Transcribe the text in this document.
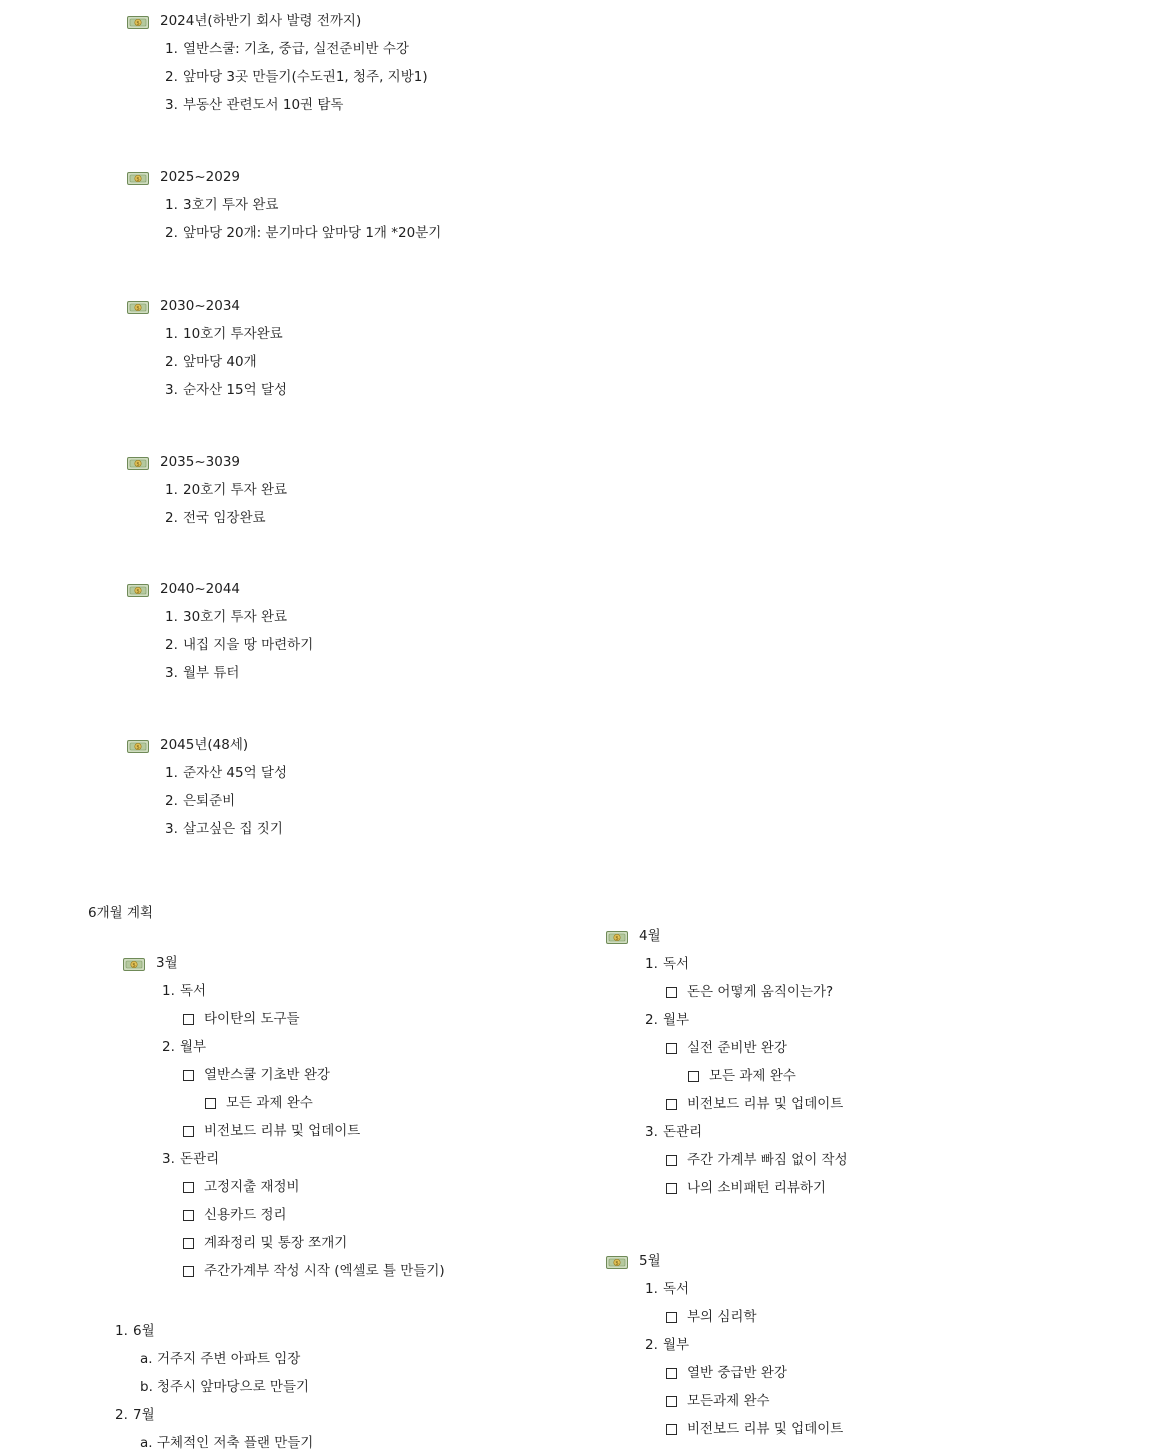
$ 2024년(하반기 회사 발령 전까지)
1. 열반스쿨: 기초, 중급, 실전준비반 수강
2. 앞마당 3곳 만들기(수도권1, 청주, 지방1)
3. 부동산 관련도서 10권 탐독
$ 2025~2029
1. 3호기 투자 완료
2. 앞마당 20개: 분기마다 앞마당 1개 *20분기
$ 2030~2034
1. 10호기 투자완료
2. 앞마당 40개
3. 순자산 15억 달성
$ 2035~3039
1. 20호기 투자 완료
2. 전국 임장완료
$ 2040~2044
1. 30호기 투자 완료
2. 내집 지을 땅 마련하기
3. 월부 튜터
$ 2045년(48세)
1. 준자산 45억 달성
2. 은퇴준비
3. 살고싶은 집 짓기
6개월 계획
$ 3월
1. 독서
타이탄의 도구들
2. 월부
열반스쿨 기초반 완강
모든 과제 완수
비전보드 리뷰 및 업데이트
3. 돈관리
고정지출 재정비
신용카드 정리
계좌정리 및 통장 쪼개기
주간가계부 작성 시작 (엑셀로 틀 만들기)
$ 4월
1. 독서
돈은 어떻게 움직이는가?
2. 월부
실전 준비반 완강
모든 과제 완수
비전보드 리뷰 및 업데이트
3. 돈관리
주간 가계부 빠짐 없이 작성
나의 소비패턴 리뷰하기
$ 5월
1. 독서
부의 심리학
2. 월부
열반 중급반 완강
모든과제 완수
비전보드 리뷰 및 업데이트
1. 6월
a. 거주지 주변 아파트 임장
b. 청주시 앞마당으로 만들기
2. 7월
a. 구체적인 저축 플랜 만들기
